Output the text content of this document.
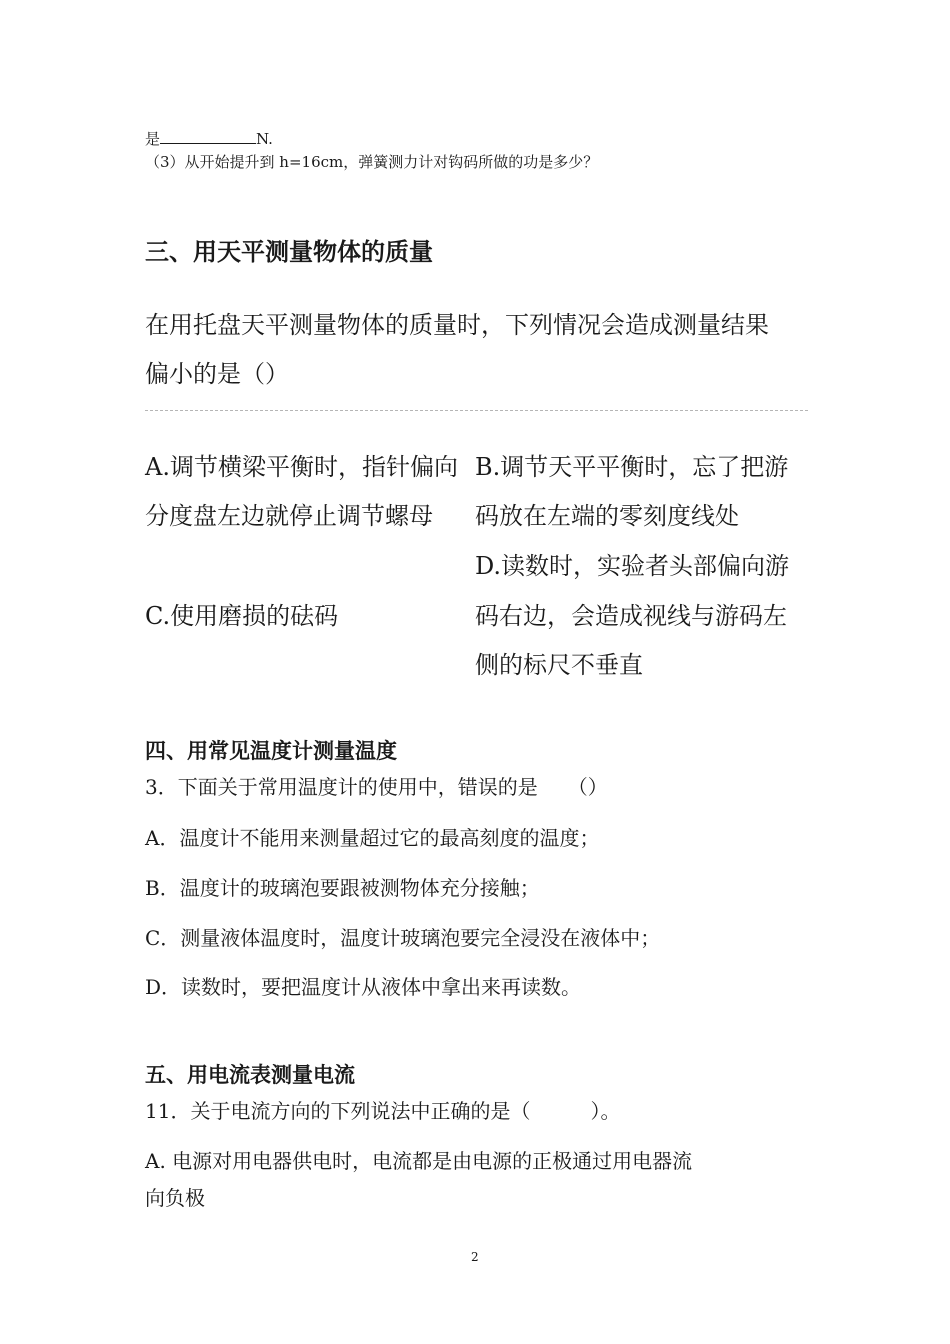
是	N.
（3）从开始提升到 h=16cm，弹簧测力计对钩码所做的功是多少？
三、用天平测量物体的质量
在用托盘天平测量物体的质量时，下列情况会造成测量结果
偏小的是（）
A.调节横梁平衡时，指针偏向
分度盘左边就停止调节螺母
B.调节天平平衡时，忘了把游
码放在左端的零刻度线处
C.使用磨损的砝码
D.读数时，实验者头部偏向游
码右边，会造成视线与游码左
侧的标尺不垂直
四、用常见温度计测量温度
3．下面关于常用温度计的使用中，错误的是　　（）
A．温度计不能用来测量超过它的最高刻度的温度；
B．温度计的玻璃泡要跟被测物体充分接触；
C．测量液体温度时，温度计玻璃泡要完全浸没在液体中；
D．读数时，要把温度计从液体中拿出来再读数。
五、用电流表测量电流
11．关于电流方向的下列说法中正确的是（　　　）。
A. 电源对用电器供电时，电流都是由电源的正极通过用电器流
向负极
2
